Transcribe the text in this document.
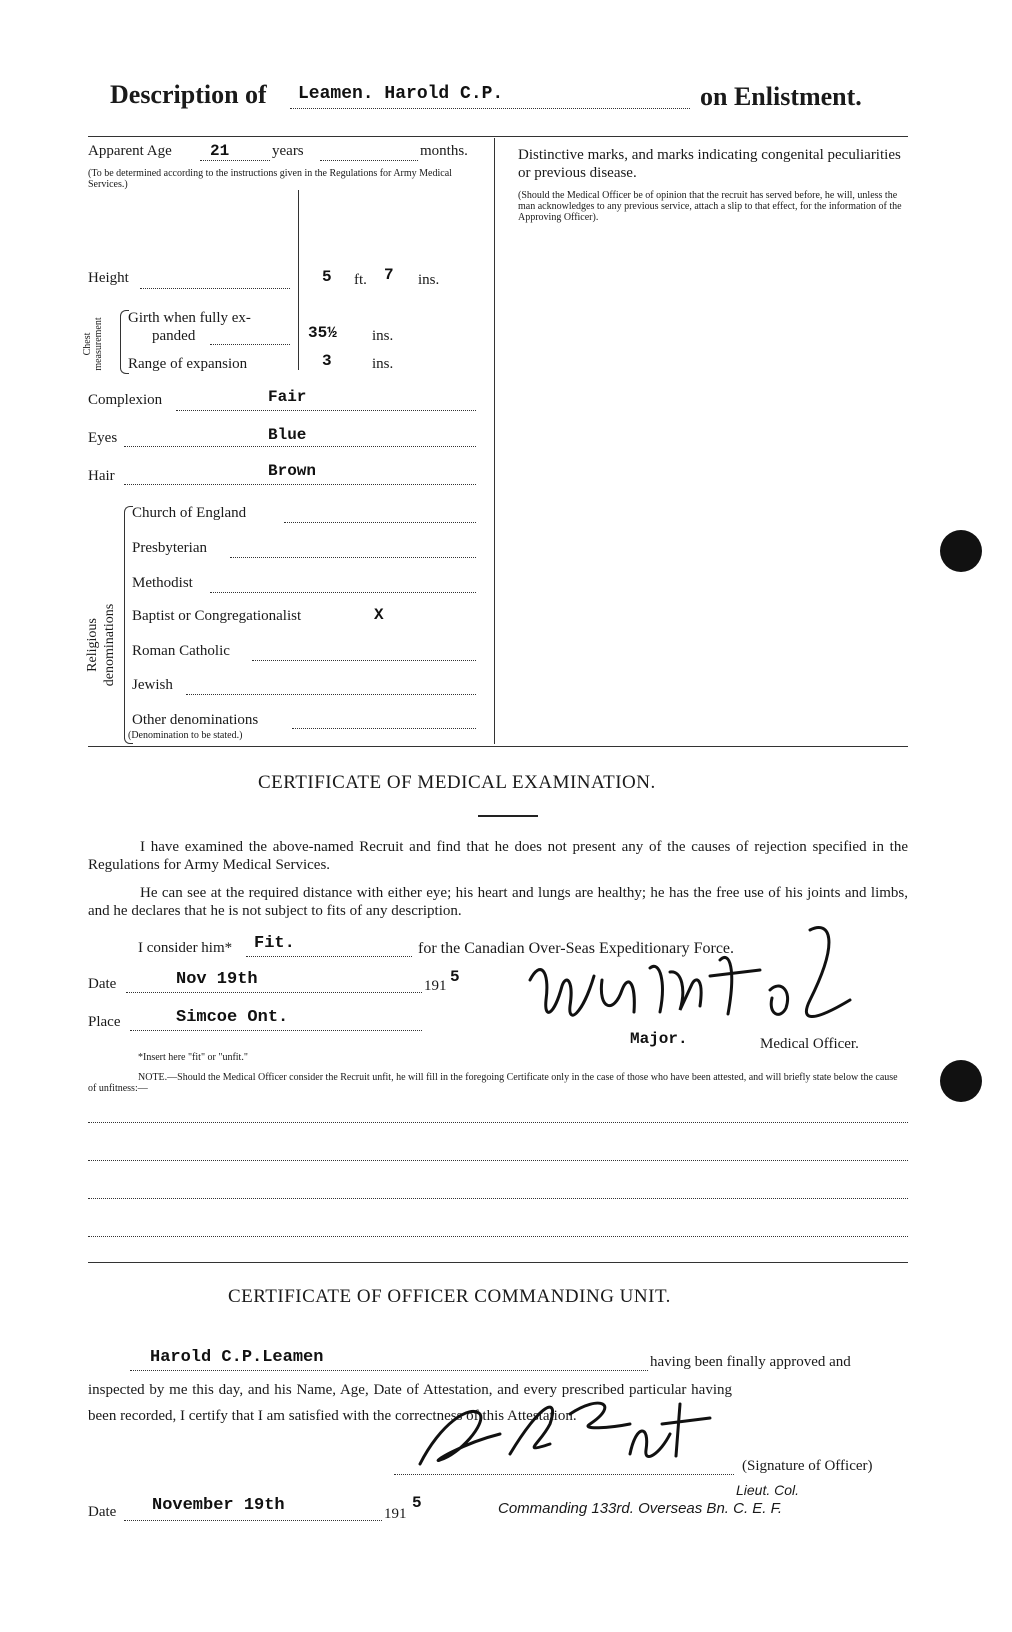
Description of Leamen. Harold C.P.	on Enlistment.
Apparent Age 21	years	months.
(To be determined according to the instructions given in the Regulations for Army Medical Services.)
Height	5 ft. 7 ins.
Chest measurement Girth when fully ex-
panded	35½ ins.
Range of expansion	3	ins.
Complexion	Fair
Eyes	Blue
Hair	Brown
Religious denominations
Church of England
Presbyterian
Methodist
Baptist or Congregationalist	X
Roman Catholic
Jewish
Other denominations
(Denomination to be stated.)
Distinctive marks, and marks indicating congenital peculiarities or previous disease.
(Should the Medical Officer be of opinion that the recruit has served before, he will, unless the man acknowledges to any previous service, attach a slip to that effect, for the information of the Approving Officer).
CERTIFICATE OF MEDICAL EXAMINATION.
I have examined the above-named Recruit and find that he does not present any of the causes of rejection specified in the Regulations for Army Medical Services.
He can see at the required distance with either eye; his heart and lungs are healthy; he has the free use of his joints and limbs, and he declares that he is not subject to fits of any description.
I consider him* Fit.	for the Canadian Over-Seas Expeditionary Force.
Date	Nov 19th	191 5
Place	Simcoe Ont.
Major.	Medical Officer.
*Insert here "fit" or "unfit."
NOTE.—Should the Medical Officer consider the Recruit unfit, he will fill in the foregoing Certificate only in the case of those who have been attested, and will briefly state below the cause of unfitness:—
CERTIFICATE OF OFFICER COMMANDING UNIT.
Harold C.P.Leamen	having been finally approved and
inspected by me this day, and his Name, Age, Date of Attestation, and every prescribed particular having
been recorded, I certify that I am satisfied with the correctness of this Attestation.
(Signature of Officer)
Lieut. Col.
Commanding 133rd. Overseas Bn. C. E. F.
Date November 19th	191
5
